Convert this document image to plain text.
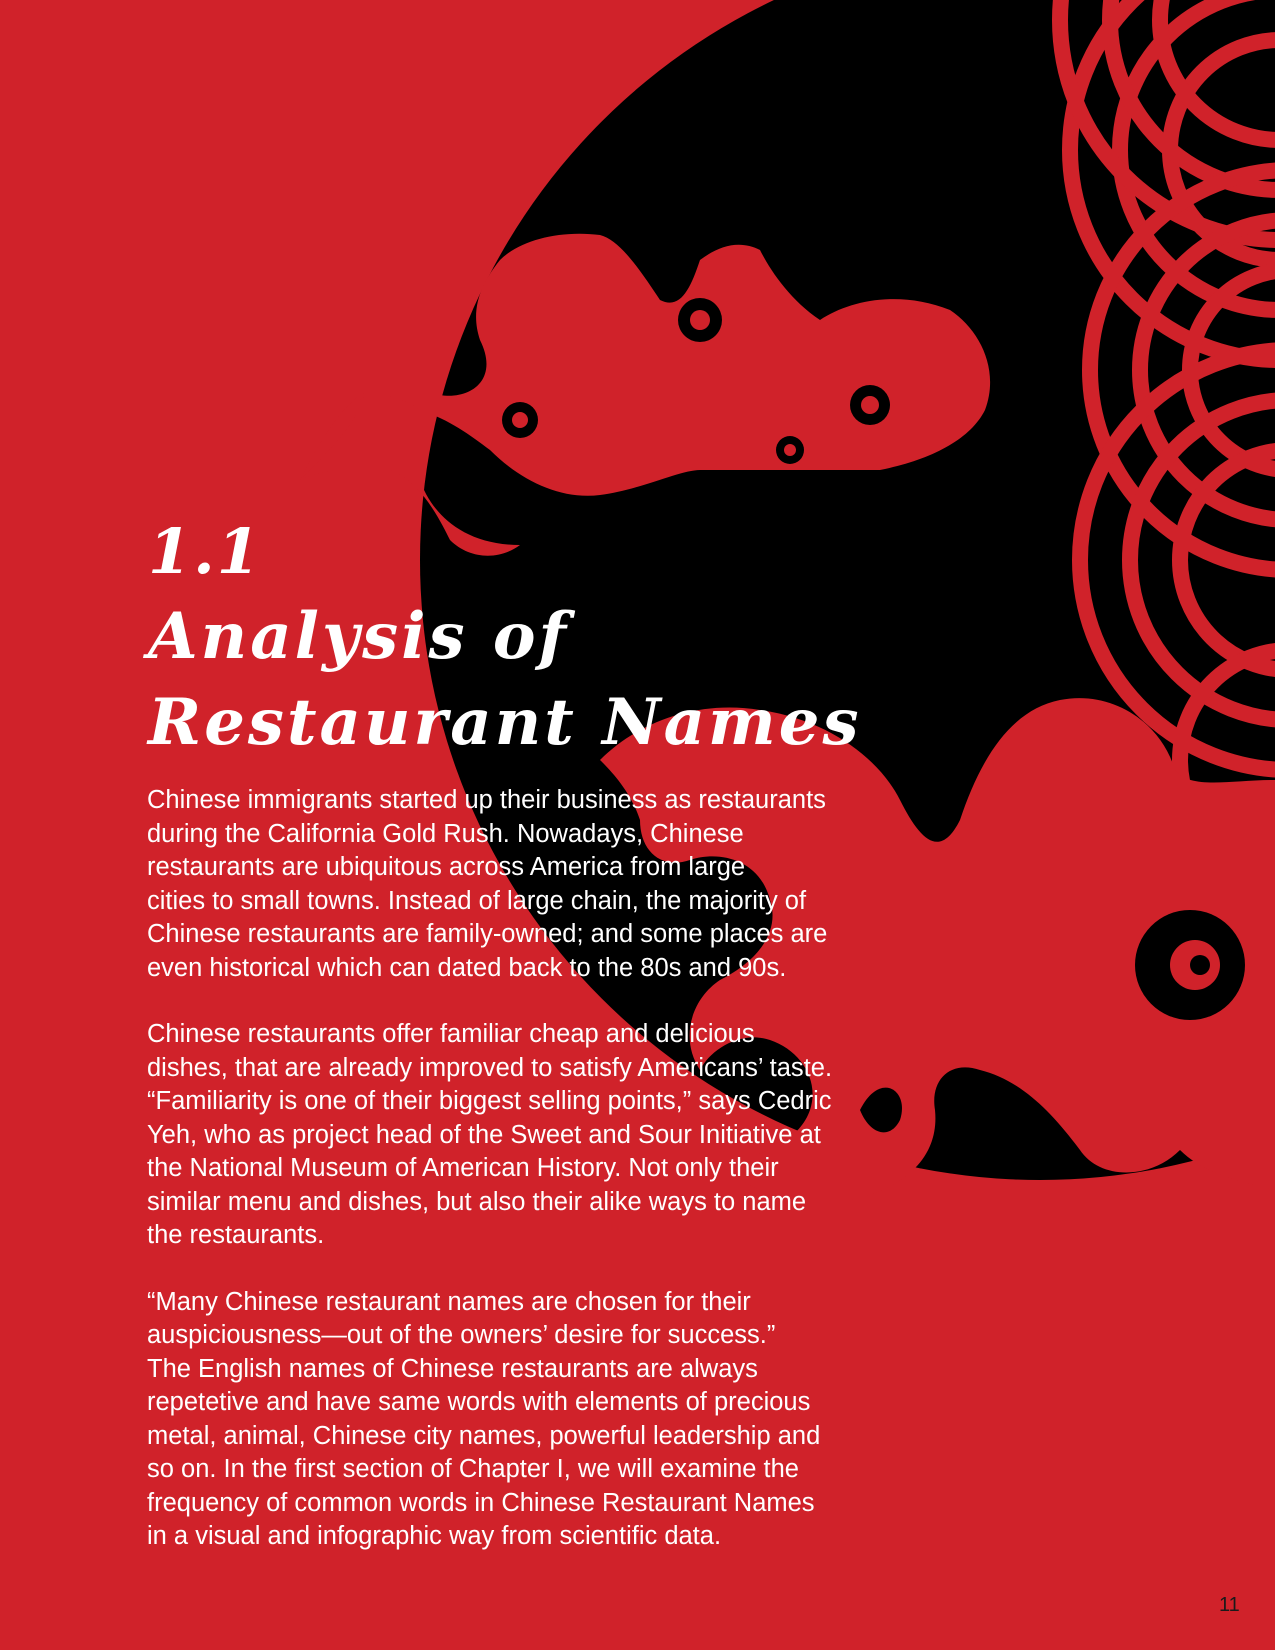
1.1
Analysis of
Restaurant Names

Chinese immigrants started up their business as restaurants
during the California Gold Rush. Nowadays, Chinese
restaurants are ubiquitous across America from large
cities to small towns. Instead of large chain, the majority of
Chinese restaurants are family-owned; and some places are
even historical which can dated back to the 80s and 90s.

Chinese restaurants offer familiar cheap and delicious
dishes, that are already improved to satisfy Americans’ taste.
“Familiarity is one of their biggest selling points,” says Cedric
Yeh, who as project head of the Sweet and Sour Initiative at
the National Museum of American History. Not only their
similar menu and dishes, but also their alike ways to name
the restaurants.

“Many Chinese restaurant names are chosen for their
auspiciousness—out of the owners’ desire for success.”
The English names of Chinese restaurants are always
repetetive and have same words with elements of precious
metal, animal, Chinese city names, powerful leadership and
so on. In the first section of Chapter I, we will examine the
frequency of common words in Chinese Restaurant Names
in a visual and infographic way from scientific data.

11
